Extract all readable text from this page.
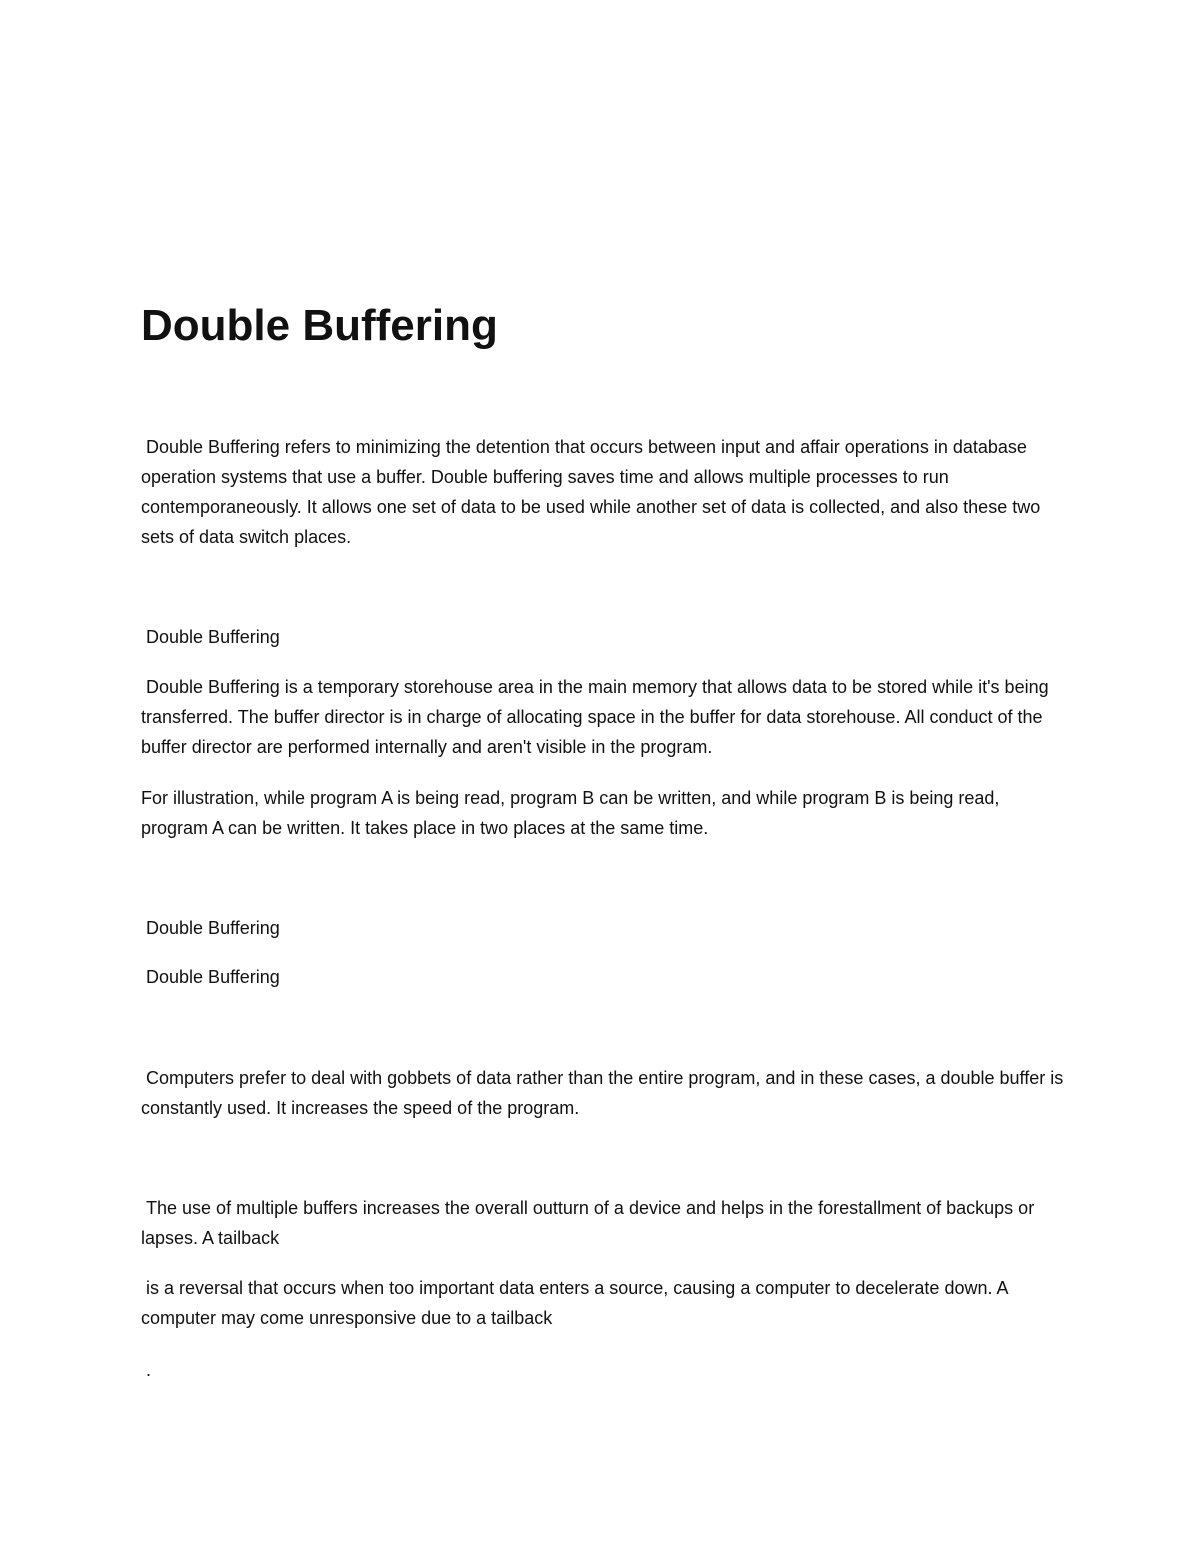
Double Buffering

Double Buffering refers to minimizing the detention that occurs between input and affair operations in database operation systems that use a buffer. Double buffering saves time and allows multiple processes to run contemporaneously. It allows one set of data to be used while another set of data is collected, and also these two sets of data switch places.

Double Buffering

Double Buffering is a temporary storehouse area in the main memory that allows data to be stored while it's being transferred. The buffer director is in charge of allocating space in the buffer for data storehouse. All conduct of the buffer director are performed internally and aren't visible in the program.

For illustration, while program A is being read, program B can be written, and while program B is being read, program A can be written. It takes place in two places at the same time.

Double Buffering

Double Buffering

Computers prefer to deal with gobbets of data rather than the entire program, and in these cases, a double buffer is constantly used. It increases the speed of the program.

The use of multiple buffers increases the overall outturn of a device and helps in the forestallment of backups or lapses. A tailback

is a reversal that occurs when too important data enters a source, causing a computer to decelerate down. A computer may come unresponsive due to a tailback

.
